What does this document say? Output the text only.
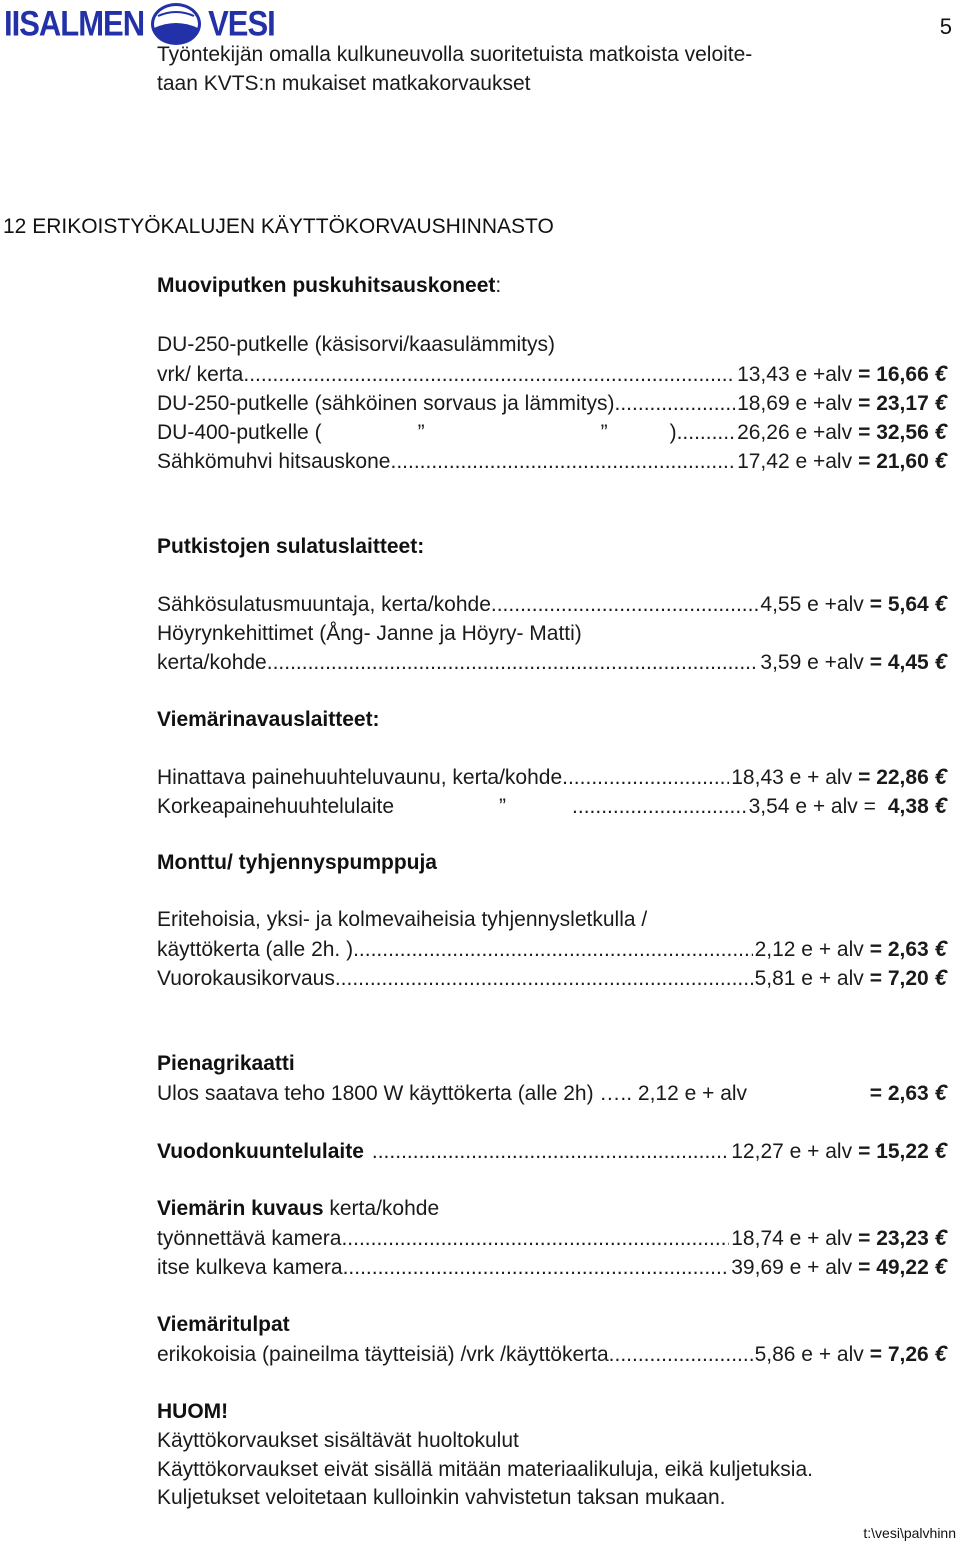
IISALMEN VESI	5
Työntekijän omalla kulkuneuvolla suoritetuista matkoista veloite-
taan KVTS:n mukaiset matkakorvaukset
12 ERIKOISTYÖKALUJEN KÄYTTÖKORVAUSHINNASTO
Muoviputken puskuhitsauskoneet:
DU-250-putkelle (käsisorvi/kaasulämmitys)
vrk/ kerta .....	13,43 e +alv = 16,66 €
DU-250-putkelle (sähköinen sorvaus ja lämmitys) .....	18,69 e +alv = 23,17 €
DU-400-putkelle (	”	”	) .....	26,26 e +alv = 32,56 €
Sähkömuhvi hitsauskone .....	17,42 e +alv = 21,60 €
Putkistojen sulatuslaitteet:
Sähkösulatusmuuntaja, kerta/kohde .....	4,55 e +alv = 5,64 €
Höyrynkehittimet (Ång- Janne ja Höyry- Matti)
kerta/kohde .....	3,59 e +alv = 4,45 €
Viemärinavauslaitteet:
Hinattava painehuuhteluvaunu, kerta/kohde .....	18,43 e + alv = 22,86 €
Korkeapainehuuhtelulaite	” .....	3,54 e + alv = 4,38 €
Monttu/ tyhjennyspumppuja
Eritehoisia, yksi- ja kolmevaiheisia tyhjennysletkulla /
käyttökerta (alle 2h. ) .....	2,12 e + alv = 2,63 €
Vuorokausikorvaus .....	5,81 e + alv = 7,20 €
Pienagrikaatti
Ulos saatava teho 1800 W käyttökerta (alle 2h) ….. 2,12 e + alv	= 2,63 €
Vuodonkuuntelulaite .....	12,27 e + alv = 15,22 €
Viemärin kuvaus kerta/kohde
työnnettävä kamera .....	18,74 e + alv = 23,23 €
itse kulkeva kamera .....	39,69 e + alv = 49,22 €
Viemäritulpat
erikokoisia (paineilma täytteisiä) /vrk /käyttökerta .....	5,86 e + alv = 7,26 €
HUOM!
Käyttökorvaukset sisältävät huoltokulut
Käyttökorvaukset eivät sisällä mitään materiaalikuluja, eikä kuljetuksia.
Kuljetukset veloitetaan kulloinkin vahvistetun taksan mukaan.
t:\vesi\palvhinn
